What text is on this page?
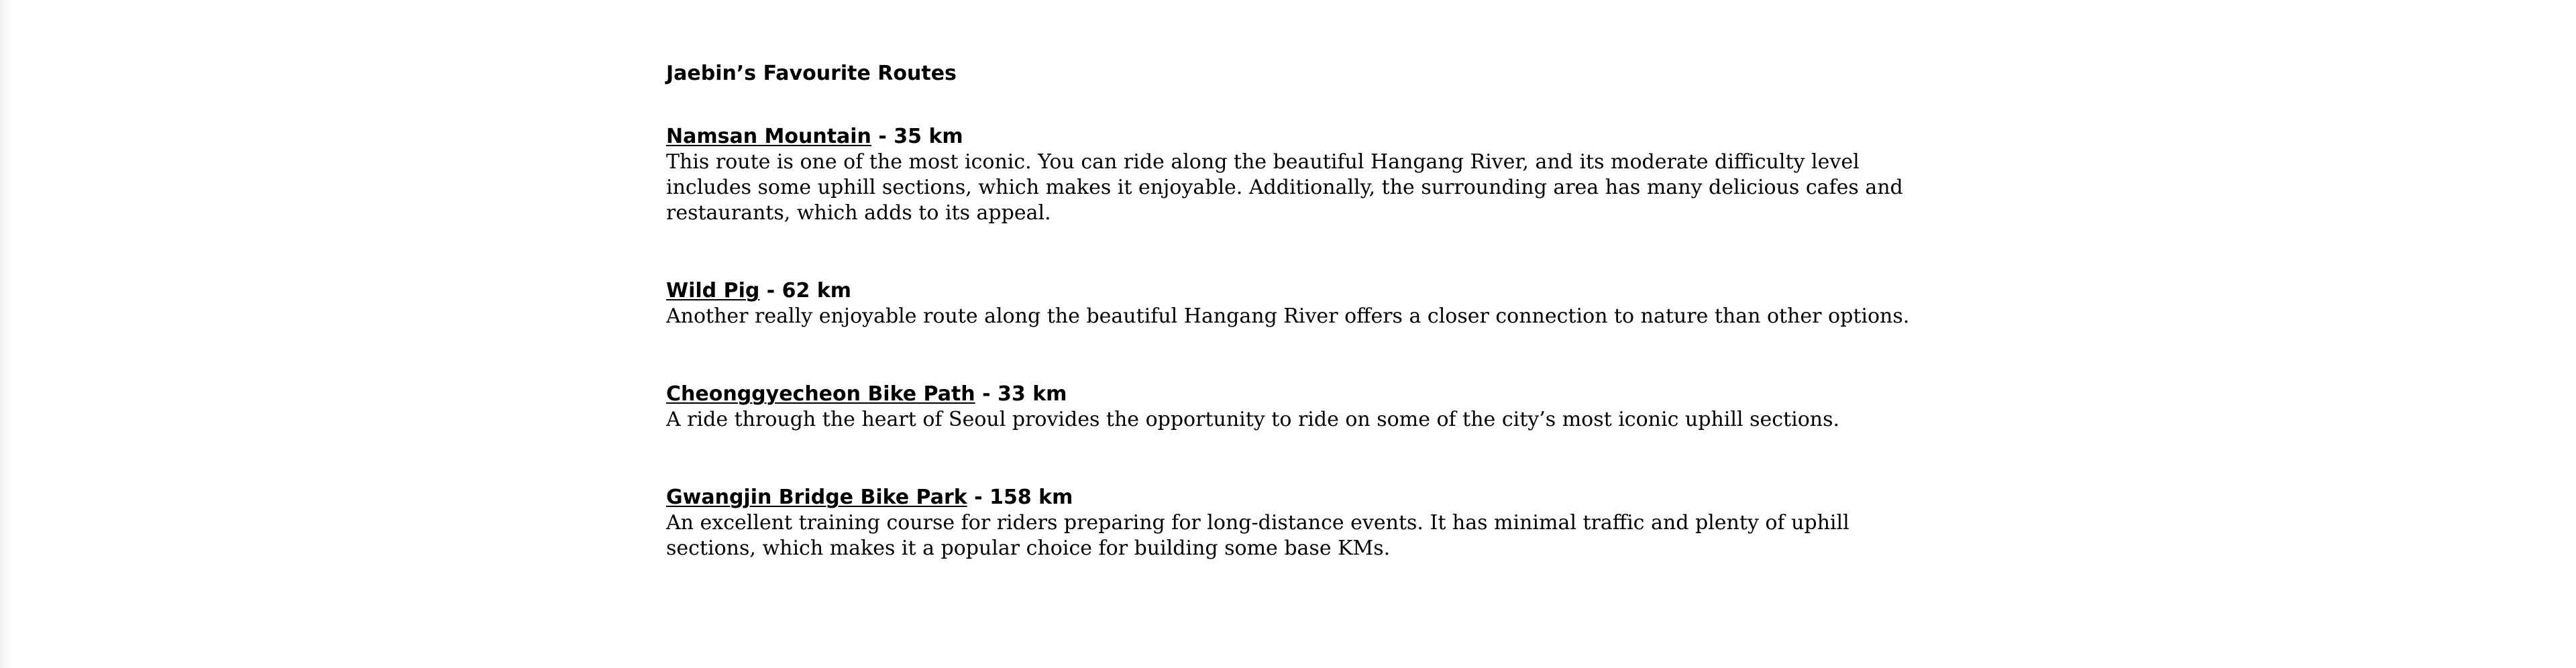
Jaebin’s Favourite Routes
Namsan Mountain - 35 km

This route is one of the most iconic. You can ride along the beautiful Hangang River, and its moderate difficulty level includes some uphill sections, which makes it enjoyable. Additionally, the surrounding area has many delicious cafes and restaurants, which adds to its appeal.

Wild Pig - 62 km

Another really enjoyable route along the beautiful Hangang River offers a closer connection to nature than other options.

Cheonggyecheon Bike Path - 33 km

A ride through the heart of Seoul provides the opportunity to ride on some of the city’s most iconic uphill sections.

Gwangjin Bridge Bike Park - 158 km

An excellent training course for riders preparing for long-distance events. It has minimal traffic and plenty of uphill sections, which makes it a popular choice for building some base KMs.
